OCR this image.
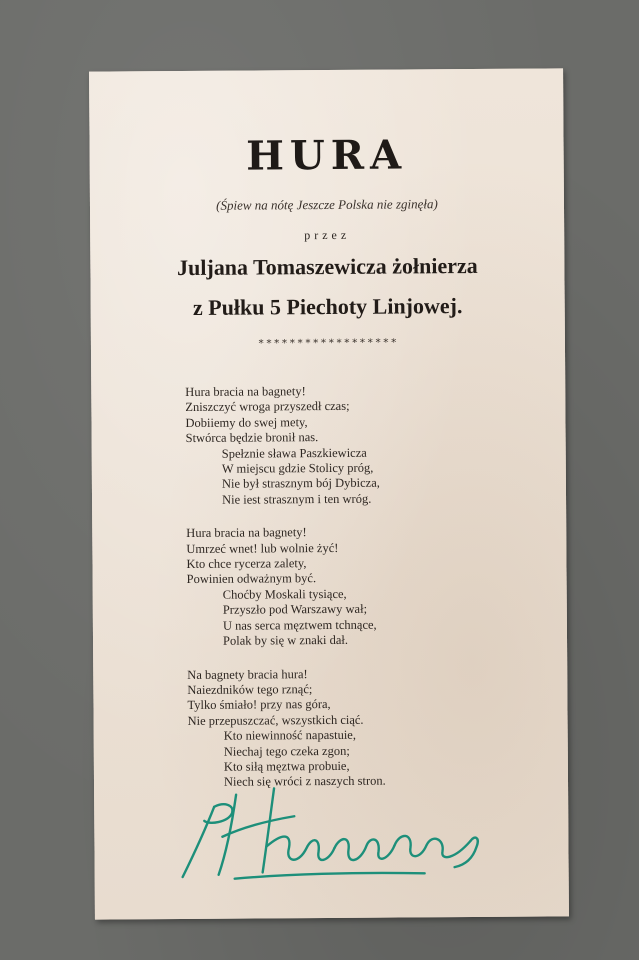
HURA
(Śpiew na nótę Jeszcze Polska nie zginęła)
przez
Juljana Tomaszewicza żołnierza
z Pułku 5 Piechoty Linjowej.
∗∗∗∗∗∗∗∗∗∗∗∗∗∗∗∗∗∗
Hura bracia na bagnety!
Zniszczyć wroga przyszedł czas;
Dobiiemy do swej mety,
Stwórca będzie bronił nas.
Spełznie sława Paszkiewicza
W miejscu gdzie Stolicy próg,
Nie był strasznym bój Dybicza,
Nie iest strasznym i ten wróg.
Hura bracia na bagnety!
Umrzeć wnet! lub wolnie żyć!
Kto chce rycerza zalety,
Powinien odważnym być.
Choćby Moskali tysiące,
Przyszło pod Warszawy wał;
U nas serca męztwem tchnące,
Polak by się w znaki dał.
Na bagnety bracia hura!
Naiezdników tego rznąć;
Tylko śmiało! przy nas góra,
Nie przepuszczać, wszystkich ciąć.
Kto niewinność napastuie,
Niechaj tego czeka zgon;
Kto siłą męztwa probuie,
Niech się wróci z naszych stron.
